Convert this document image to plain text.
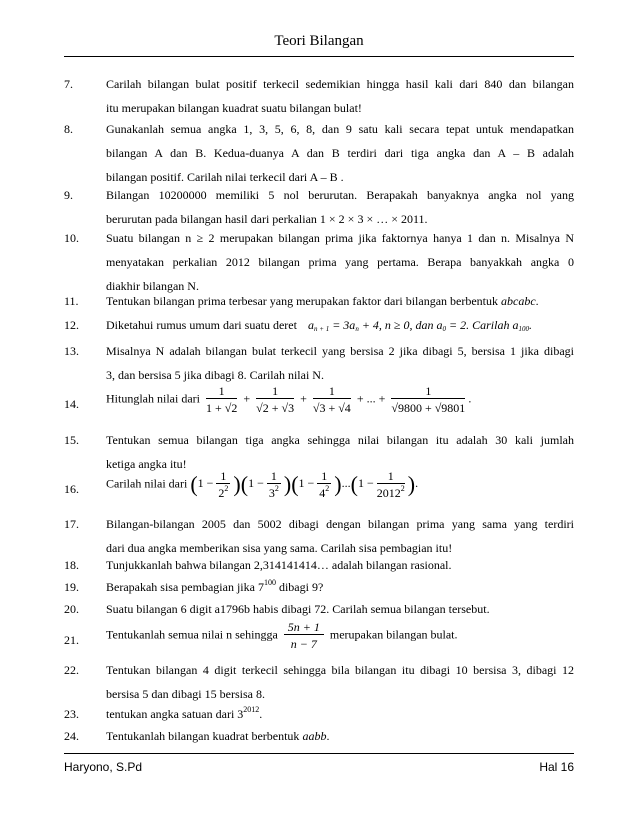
Teori Bilangan
7.	Carilah bilangan bulat positif terkecil sedemikian hingga hasil kali dari 840 dan bilangan
itu merupakan bilangan kuadrat suatu bilangan bulat!
8.	Gunakanlah semua angka 1, 3, 5, 6, 8, dan 9 satu kali secara tepat untuk mendapatkan
bilangan A dan B. Kedua-duanya A dan B terdiri dari tiga angka dan A – B adalah
bilangan positif. Carilah nilai terkecil dari A – B .
9.	Bilangan 10200000 memiliki 5 nol berurutan. Berapakah banyaknya angka nol yang
berurutan pada bilangan hasil dari perkalian 1 × 2 × 3 × … × 2011.
10. Suatu bilangan n ≥ 2 merupakan bilangan prima jika faktornya hanya 1 dan n. Misalnya N
menyatakan perkalian 2012 bilangan prima yang pertama. Berapa banyakkah angka 0
diakhir bilangan N.
11. Tentukan bilangan prima terbesar yang merupakan faktor dari bilangan berbentuk abcabc.
12. Diketahui rumus umum dari suatu deret $a_{n + 1} = 3a_n + 4$, n ≥ 0, dan $a_0 = 2$. Carilah $a_{100}$.
13. Misalnya N adalah bilangan bulat terkecil yang bersisa 2 jika dibagi 5, bersisa 1 jika dibagi
3, dan bersisa 5 jika dibagi 8. Carilah nilai N.
14. Hitunglah nilai dari $\frac{1}{1 + √2} + \frac{1}{√2 + √3} + \frac{1}{√3 + √4}$ + ... + $\frac{1}{√9800 + √9801}$ .
15. Tentukan semua bilangan tiga angka sehingga nilai bilangan itu adalah 30 kali jumlah
ketiga angka itu!
16. Carilah nilai dari $(1 - \frac{1}{2^2} )(1 - \frac{1}{3^2} )(1 - \frac{1}{4^2} )...(1 - \frac{1}{2012^2}$ ).
17. Bilangan-bilangan 2005 dan 5002 dibagi dengan bilangan prima yang sama yang terdiri
dari dua angka memberikan sisa yang sama. Carilah sisa pembagian itu!
18. Tunjukkanlah bahwa bilangan 2,314141414… adalah bilangan rasional.
19. Berapakah sisa pembagian jika $7^{100}$ dibagi 9?
20. Suatu bilangan 6 digit a1796b habis dibagi 72. Carilah semua bilangan tersebut.
21. Tentukanlah semua nilai n sehingga $\frac{5n + 1}{n - 7}$ merupakan bilangan bulat.
22. Tentukan bilangan 4 digit terkecil sehingga bila bilangan itu dibagi 10 bersisa 3, dibagi 12
bersisa 5 dan dibagi 15 bersisa 8.
23. tentukan angka satuan dari $3^{2012}$.
24. Tentukanlah bilangan kuadrat berbentuk aabb.
Haryono, S.Pd	Hal 16
